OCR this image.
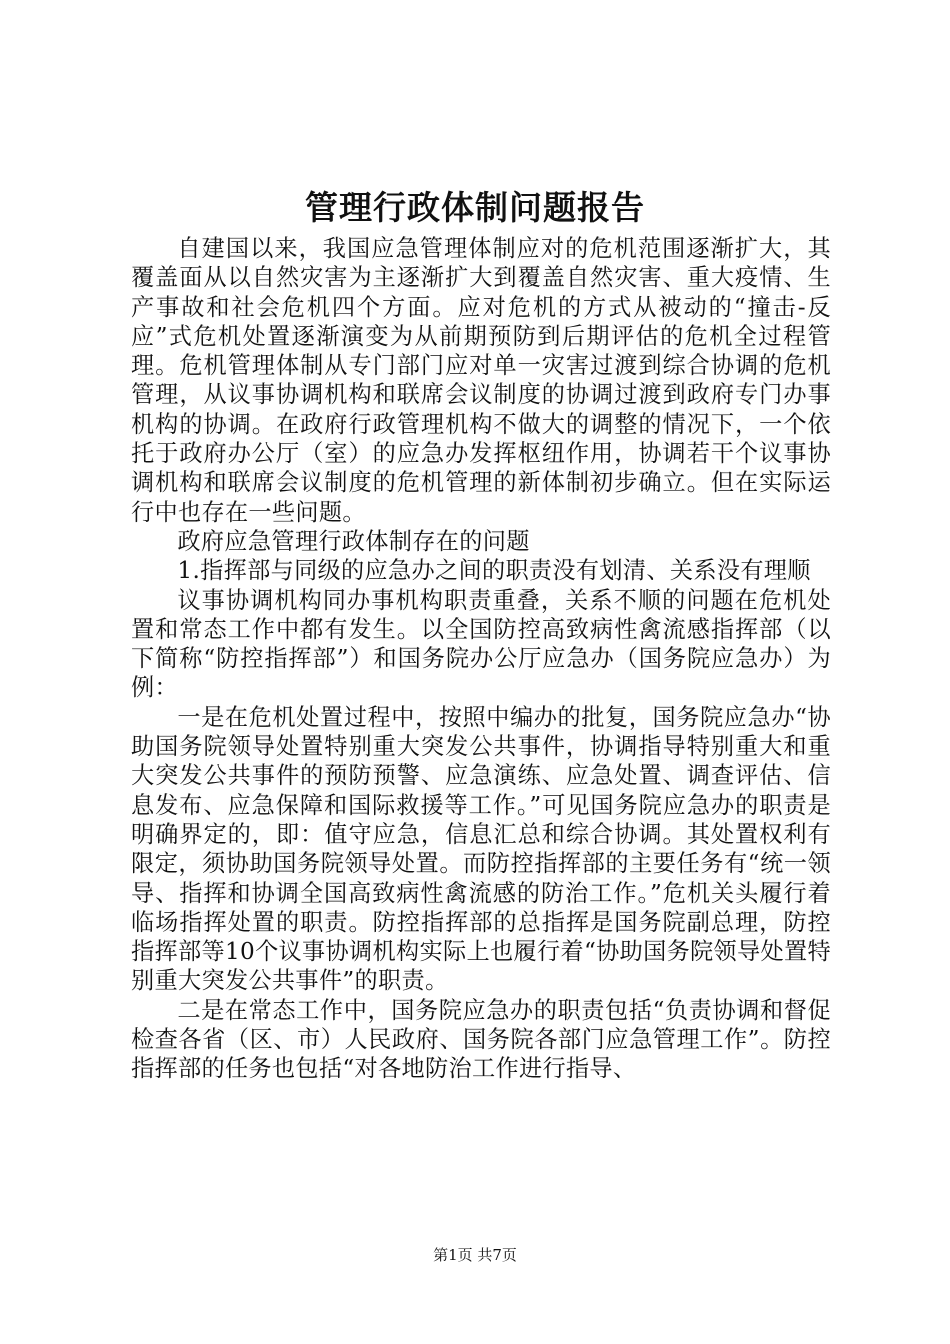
管理行政体制问题报告

自建国以来，我国应急管理体制应对的危机范围逐渐扩大，其覆盖面从以自然灾害为主逐渐扩大到覆盖自然灾害、重大疫情、生产事故和社会危机四个方面。应对危机的方式从被动的“撞击-反应”式危机处置逐渐演变为从前期预防到后期评估的危机全过程管理。危机管理体制从专门部门应对单一灾害过渡到综合协调的危机管理，从议事协调机构和联席会议制度的协调过渡到政府专门办事机构的协调。在政府行政管理机构不做大的调整的情况下，一个依托于政府办公厅（室）的应急办发挥枢纽作用，协调若干个议事协调机构和联席会议制度的危机管理的新体制初步确立。但在实际运行中也存在一些问题。

政府应急管理行政体制存在的问题

1.指挥部与同级的应急办之间的职责没有划清、关系没有理顺

议事协调机构同办事机构职责重叠，关系不顺的问题在危机处置和常态工作中都有发生。以全国防控高致病性禽流感指挥部（以下简称“防控指挥部”）和国务院办公厅应急办（国务院应急办）为例：

一是在危机处置过程中，按照中编办的批复，国务院应急办“协助国务院领导处置特别重大突发公共事件，协调指导特别重大和重大突发公共事件的预防预警、应急演练、应急处置、调查评估、信息发布、应急保障和国际救援等工作。”可见国务院应急办的职责是明确界定的，即：值守应急，信息汇总和综合协调。其处置权利有限定，须协助国务院领导处置。而防控指挥部的主要任务有“统一领导、指挥和协调全国高致病性禽流感的防治工作。”危机关头履行着临场指挥处置的职责。防控指挥部的总指挥是国务院副总理，防控指挥部等10个议事协调机构实际上也履行着“协助国务院领导处置特别重大突发公共事件”的职责。

二是在常态工作中，国务院应急办的职责包括“负责协调和督促检查各省（区、市）人民政府、国务院各部门应急管理工作”。防控指挥部的任务也包括“对各地防治工作进行指导、

第1页 共7页
